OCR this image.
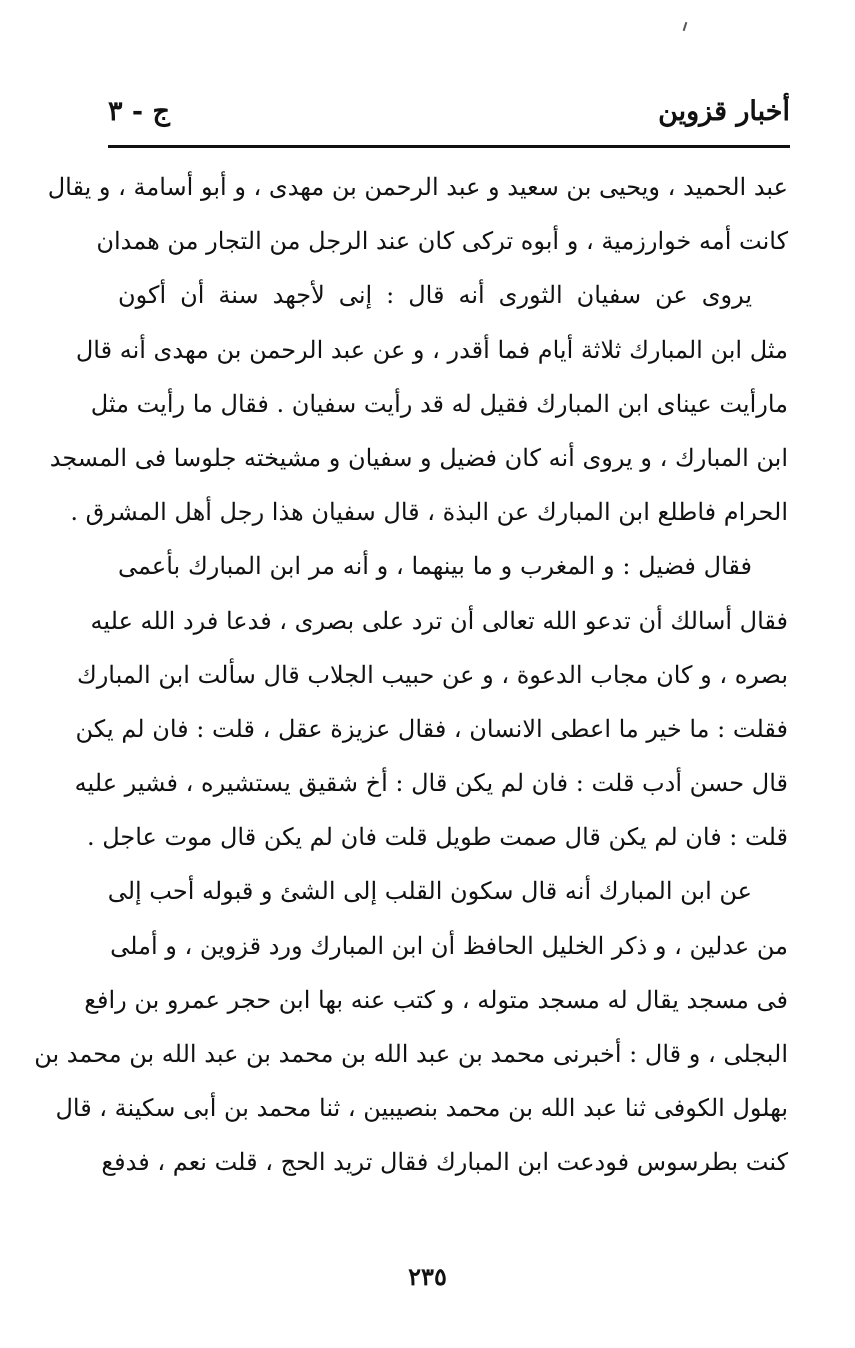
أخبار قزوين
ج - ٣
عبد الحميد ، ويحيى بن سعيد و عبد الرحمن بن مهدى ، و أبو أسامة ، و يقال
كانت أمه خوارزمية ، و أبوه تركى كان عند الرجل من التجار من همدان
يروى عن سفيان الثورى أنه قال : إنى لأجهد سنة أن أكون
مثل ابن المبارك ثلاثة أيام فما أقدر ، و عن عبد الرحمن بن مهدى أنه قال
مارأيت عيناى ابن المبارك فقيل له قد رأيت سفيان . فقال ما رأيت مثل
ابن المبارك ، و يروى أنه كان فضيل و سفيان و مشيخته جلوسا فى المسجد
الحرام فاطلع ابن المبارك عن البذة ، قال سفيان هذا رجل أهل المشرق .
فقال فضيل : و المغرب و ما بينهما ، و أنه مر ابن المبارك بأعمى
فقال أسالك أن تدعو الله تعالى أن ترد على بصرى ، فدعا فرد الله عليه
بصره ، و كان مجاب الدعوة ، و عن حبيب الجلاب قال سألت ابن المبارك
فقلت : ما خير ما اعطى الانسان ، فقال عزيزة عقل ، قلت : فان لم يكن
قال حسن أدب قلت : فان لم يكن قال : أخ شقيق يستشيره ، فشير عليه
قلت : فان لم يكن قال صمت طويل قلت فان لم يكن قال موت عاجل .
عن ابن المبارك أنه قال سكون القلب إلى الشئ و قبوله أحب إلى
من عدلين ، و ذكر الخليل الحافظ أن ابن المبارك ورد قزوين ، و أملى
فى مسجد يقال له مسجد متوله ، و كتب عنه بها ابن حجر عمرو بن رافع
البجلى ، و قال : أخبرنى محمد بن عبد الله بن محمد بن عبد الله بن محمد بن
بهلول الكوفى ثنا عبد الله بن محمد بنصيبين ، ثنا محمد بن أبى سكينة ، قال
كنت بطرسوس فودعت ابن المبارك فقال تريد الحج ، قلت نعم ، فدفع
٢٣٥
